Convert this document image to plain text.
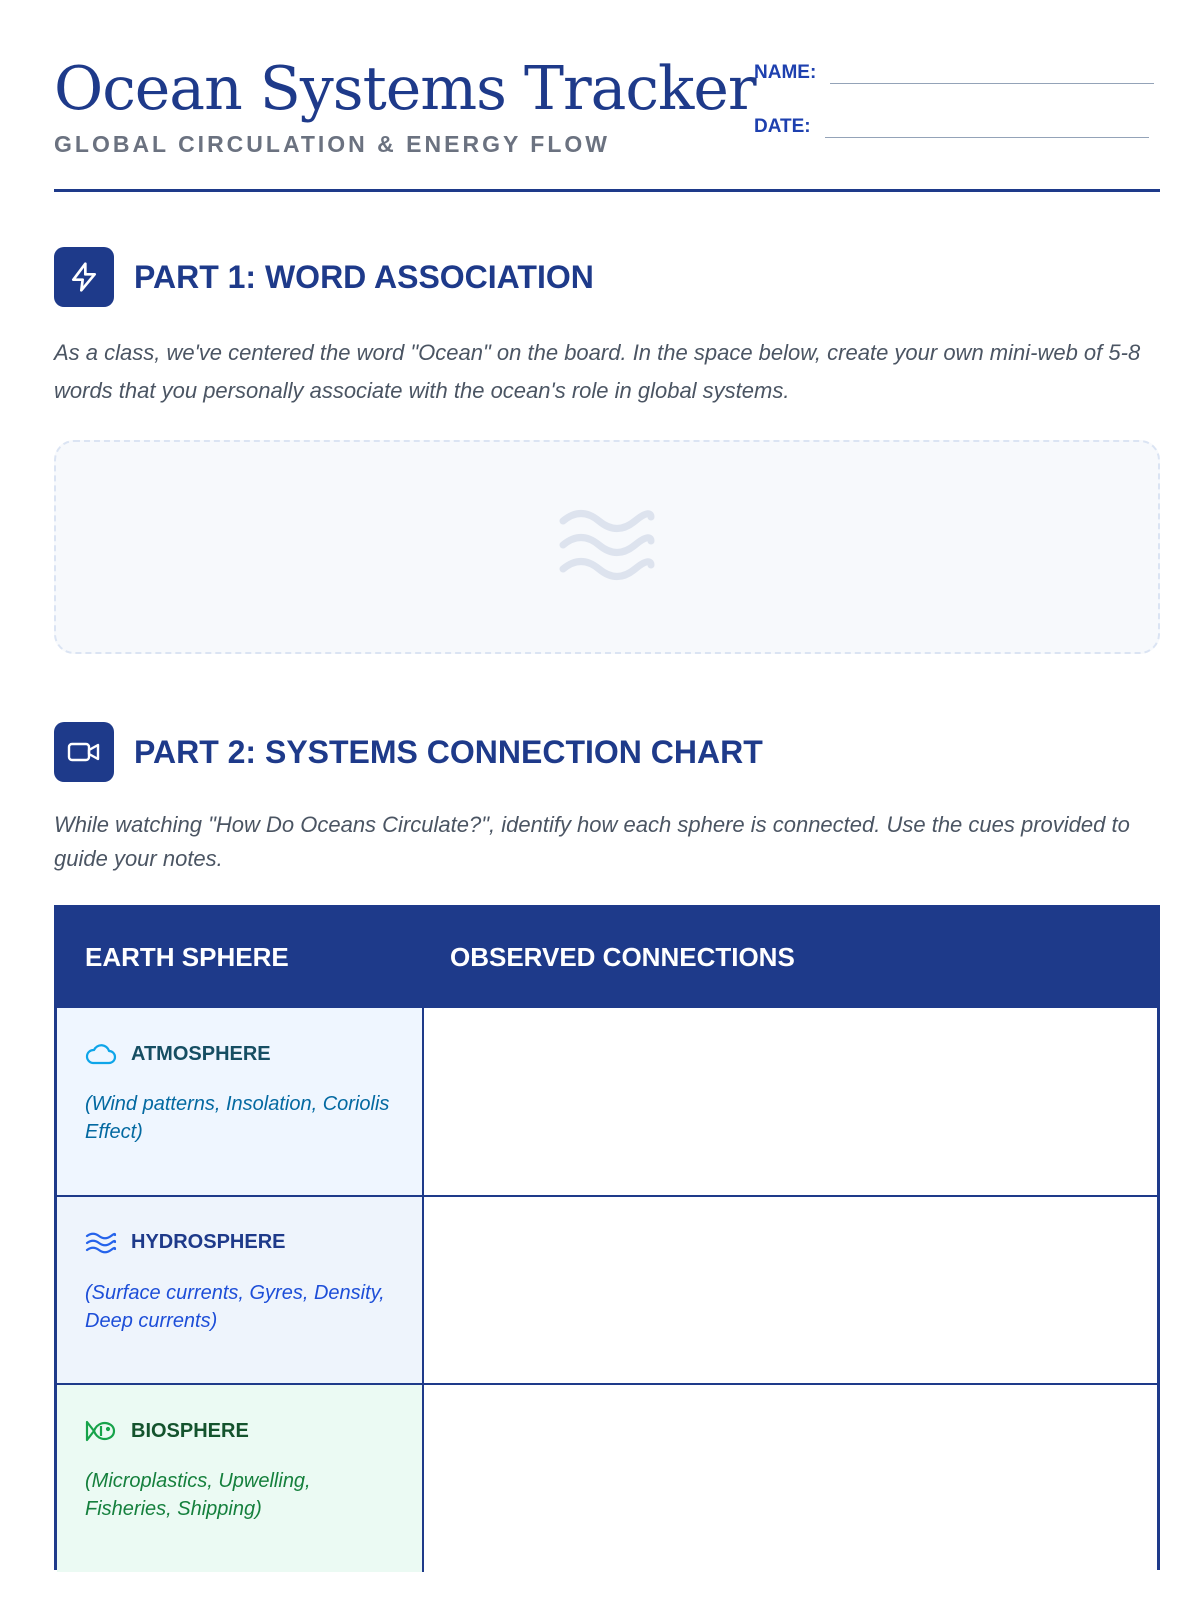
Ocean Systems Tracker
GLOBAL CIRCULATION & ENERGY FLOW
NAME:
DATE:
PART 1: WORD ASSOCIATION
As a class, we've centered the word "Ocean" on the board. In the space below, create your own mini-web of 5-8 words that you personally associate with the ocean's role in global systems.
PART 2: SYSTEMS CONNECTION CHART
While watching "How Do Oceans Circulate?", identify how each sphere is connected. Use the cues provided to guide your notes.
EARTH SPHERE	OBSERVED CONNECTIONS
ATMOSPHERE
(Wind patterns, Insolation, Coriolis Effect)
HYDROSPHERE
(Surface currents, Gyres, Density, Deep currents)
BIOSPHERE
(Microplastics, Upwelling, Fisheries, Shipping)
